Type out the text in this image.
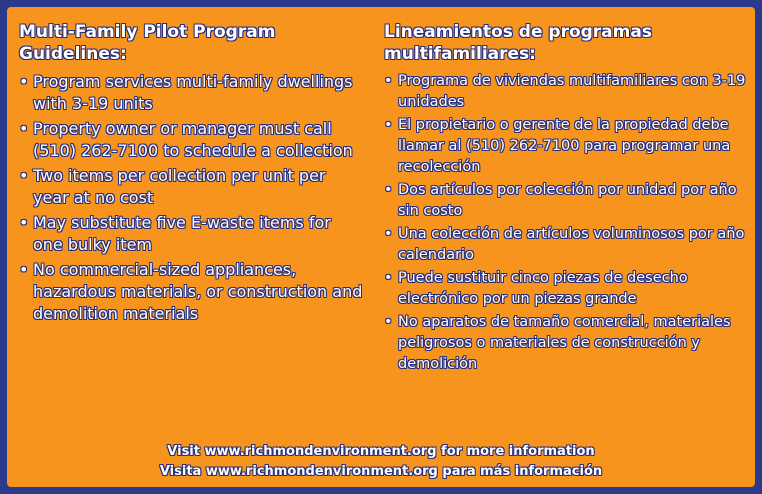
Multi-Family Pilot Program
Guidelines:
• Program services multi-family dwellings with 3-19 units
• Property owner or manager must call (510) 262-7100 to schedule a collection
• Two items per collection per unit per year at no cost
• May substitute five E-waste items for one bulky item
• No commercial-sized appliances, hazardous materials, or construction and demolition materials
Lineamientos de programas
multifamiliares:
• Programa de viviendas multifamiliares con 3-19 unidades
• El propietario o gerente de la propiedad debe llamar al (510) 262-7100 para programar una recolección
• Dos artículos por colección por unidad por año sin costo
• Una colección de artículos voluminosos por año calendario
• Puede sustituir cinco piezas de desecho electrónico por un piezas grande
• No aparatos de tamaño comercial, materiales peligrosos o materiales de construcción y demolición
Visit www.richmondenvironment.org for more information
Visita www.richmondenvironment.org para más información
